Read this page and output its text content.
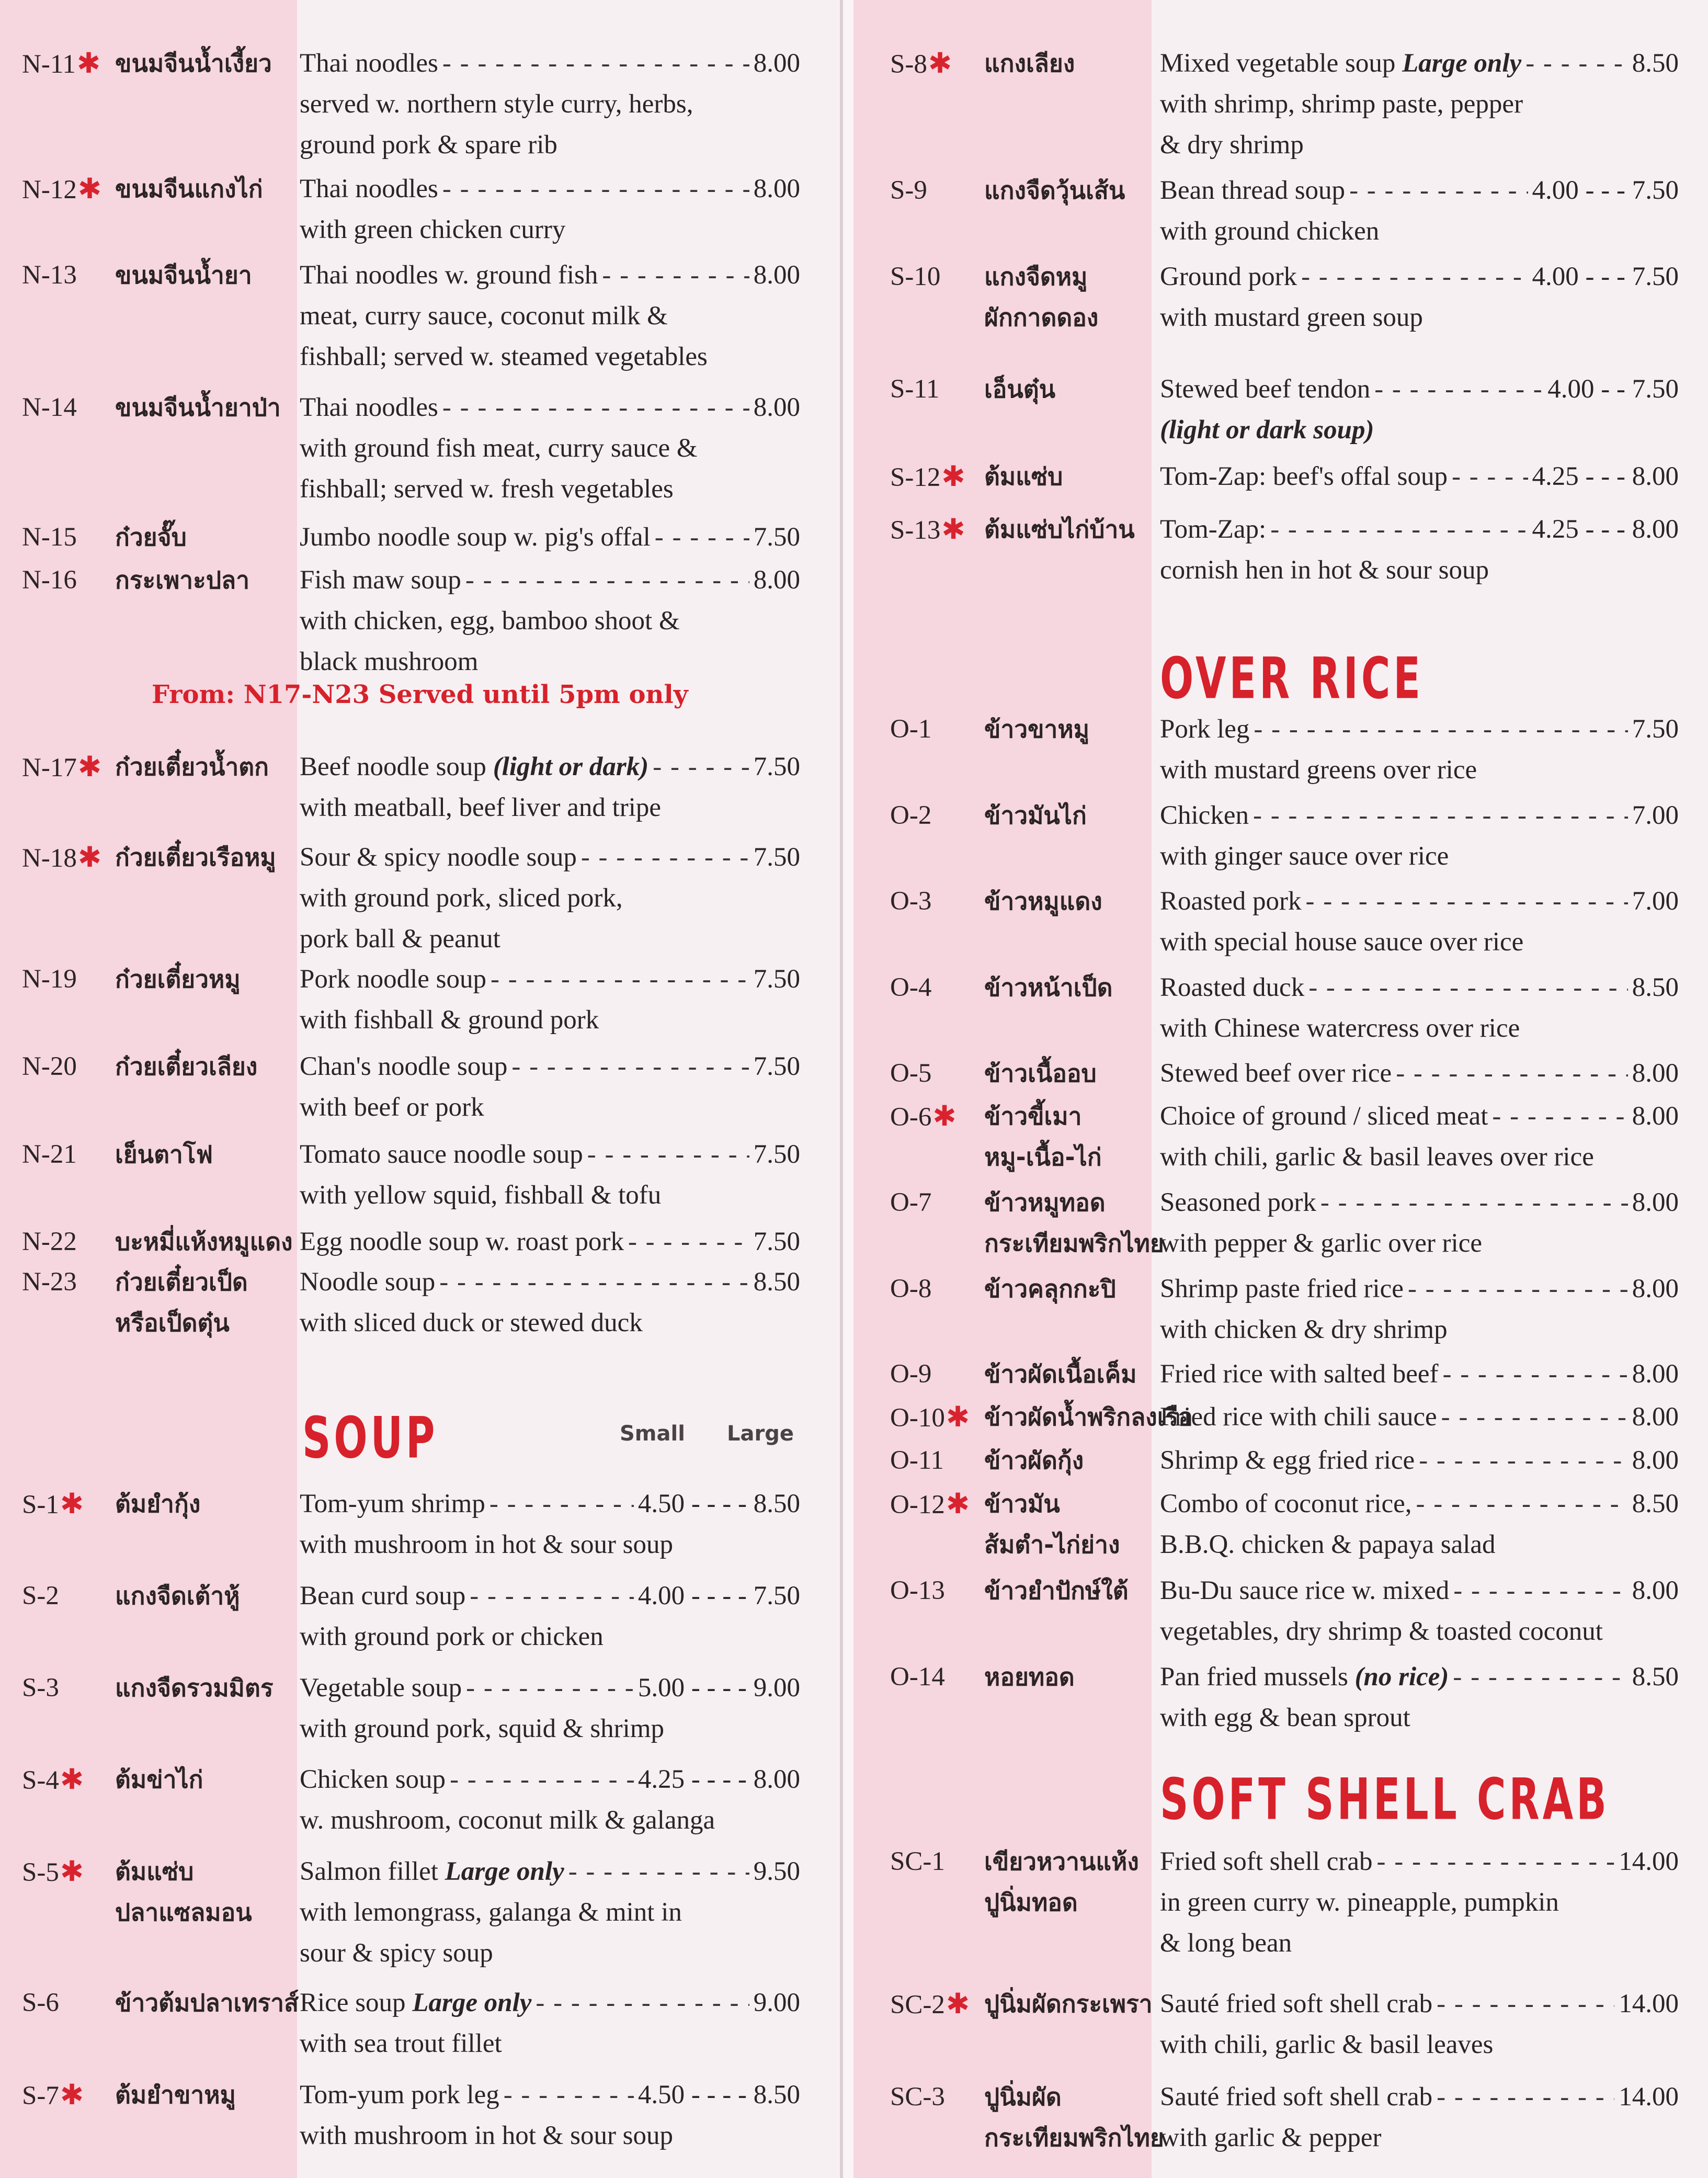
N-11✱ ขนมจีนน้ำเงี้ยว Thai noodles - - -	8.00
served w. northern style curry, herbs,
ground pork & spare rib
N-12✱ ขนมจีนแกงไก่ Thai noodles - - -	8.00
with green chicken curry
N-13 ขนมจีนน้ำยา Thai noodles w. ground fish - - -	8.00
meat, curry sauce, coconut milk &
fishball; served w. steamed vegetables
N-14 ขนมจีนน้ำยาป่า Thai noodles - - -	8.00
with ground fish meat, curry sauce &
fishball; served w. fresh vegetables
N-15 ก๋วยจั๊บ	Jumbo noodle soup w. pig's offal - - -	7.50
N-16 กระเพาะปลา Fish maw soup - - -	8.00
with chicken, egg, bamboo shoot &
black mushroom
N-17✱ ก๋วยเตี๋ยวน้ำตก Beef noodle soup (light or dark) - - -	7.50
with meatball, beef liver and tripe
N-18✱ ก๋วยเตี๋ยวเรือหมู Sour & spicy noodle soup - - -	7.50
with ground pork, sliced pork,
pork ball & peanut
N-19 ก๋วยเตี๋ยวหมู Pork noodle soup - - -	7.50
with fishball & ground pork
N-20 ก๋วยเตี๋ยวเลียง Chan's noodle soup - - -	7.50
with beef or pork
N-21 เย็นตาโฟ	Tomato sauce noodle soup - - -	7.50
with yellow squid, fishball & tofu
N-22 บะหมี่แห้งหมูแดง Egg noodle soup w. roast pork - - -	7.50
N-23 ก๋วยเตี๋ยวเป็ด
หรือเป็ดตุ๋น
Noodle soup - - -	8.50
with sliced duck or stewed duck
S-1✱ ต้มยำกุ้ง	Tom-yum shrimp - - -	4.50 - - - - 8.50
with mushroom in hot & sour soup
S-2 แกงจืดเต้าหู้ Bean curd soup - - -	4.00 - - - - 7.50
with ground pork or chicken
S-3 แกงจืดรวมมิตร Vegetable soup - - -	5.00 - - - - 9.00
with ground pork, squid & shrimp
S-4✱ ต้มข่าไก่	Chicken soup - - -	4.25 - - - - 8.00
w. mushroom, coconut milk & galanga
S-5✱ ต้มแซ่บ
ปลาแซลมอน
Salmon fillet Large only - - -	9.50
with lemongrass, galanga & mint in
sour & spicy soup
S-6 ข้าวต้มปลาเทราส์ Rice soup Large only - - -	9.00
with sea trout fillet
S-7✱ ต้มยำขาหมู Tom-yum pork leg - - -	4.50 - - - - 8.50
with mushroom in hot & sour soup
S-8✱ แกงเลียง	Mixed vegetable soup Large only - - -	8.50
with shrimp, shrimp paste, pepper
& dry shrimp
S-9 แกงจืดวุ้นเส้น Bean thread soup - - -	4.00 - - - 7.50
with ground chicken
S-10 แกงจืดหมู
ผักกาดดอง
Ground pork - - -	4.00 - - - 7.50
with mustard green soup
S-11 เอ็นตุ๋น	Stewed beef tendon - - -	4.00 - - 7.50
(light or dark soup)
S-12✱ ต้มแซ่บ	Tom-Zap: beef's offal soup - - -	4.25 - - - 8.00
S-13✱ ต้มแซ่บไก่บ้าน Tom-Zap: - - -	4.25 - - - 8.00
cornish hen in hot & sour soup
O-1 ข้าวขาหมู	Pork leg - - -	7.50
with mustard greens over rice
O-2 ข้าวมันไก่	Chicken - - -	7.00
with ginger sauce over rice
O-3 ข้าวหมูแดง Roasted pork - - -	7.00
with special house sauce over rice
O-4 ข้าวหน้าเป็ด Roasted duck - - -	8.50
with Chinese watercress over rice
O-5 ข้าวเนื้ออบ Stewed beef over rice - - -	8.00
O-6✱ ข้าวขี้เมา
หมู-เนื้อ-ไก่
Choice of ground / sliced meat - - -	8.00
with chili, garlic & basil leaves over rice
O-7 ข้าวหมูทอด
กระเทียมพริกไทย
Seasoned pork - - -	8.00
with pepper & garlic over rice
O-8 ข้าวคลุกกะปิ Shrimp paste fried rice - - -	8.00
with chicken & dry shrimp
O-9 ข้าวผัดเนื้อเค็ม Fried rice with salted beef - - -	8.00
O-10✱ ข้าวผัดน้ำพริกลงเรือ
Fried rice with chili sauce - - -	8.00
O-11 ข้าวผัดกุ้ง	Shrimp & egg fried rice - - -	8.00
O-12✱ ข้าวมัน
ส้มตำ-ไก่ย่าง
Combo of coconut rice, - - -	8.50
B.B.Q. chicken & papaya salad
O-13 ข้าวยำปักษ์ใต้ Bu-Du sauce rice w. mixed - - -	8.00
vegetables, dry shrimp & toasted coconut
O-14 หอยทอด	Pan fried mussels (no rice) - - -	8.50
with egg & bean sprout
SC-1 เขียวหวานแห้ง
ปูนิ่มทอด
Fried soft shell crab - - -	14.00
in green curry w. pineapple, pumpkin
& long bean
SC-2✱ ปูนิ่มผัดกระเพรา Sauté fried soft shell crab - - -	14.00
with chili, garlic & basil leaves
SC-3 ปูนิ่มผัด
กระเทียมพริกไทย
Sauté fried soft shell crab - - -	14.00
with garlic & pepper
From: N17-N23 Served until 5pm only
SOUP	Small Large
OVER RICE
SOFT SHELL CRAB
